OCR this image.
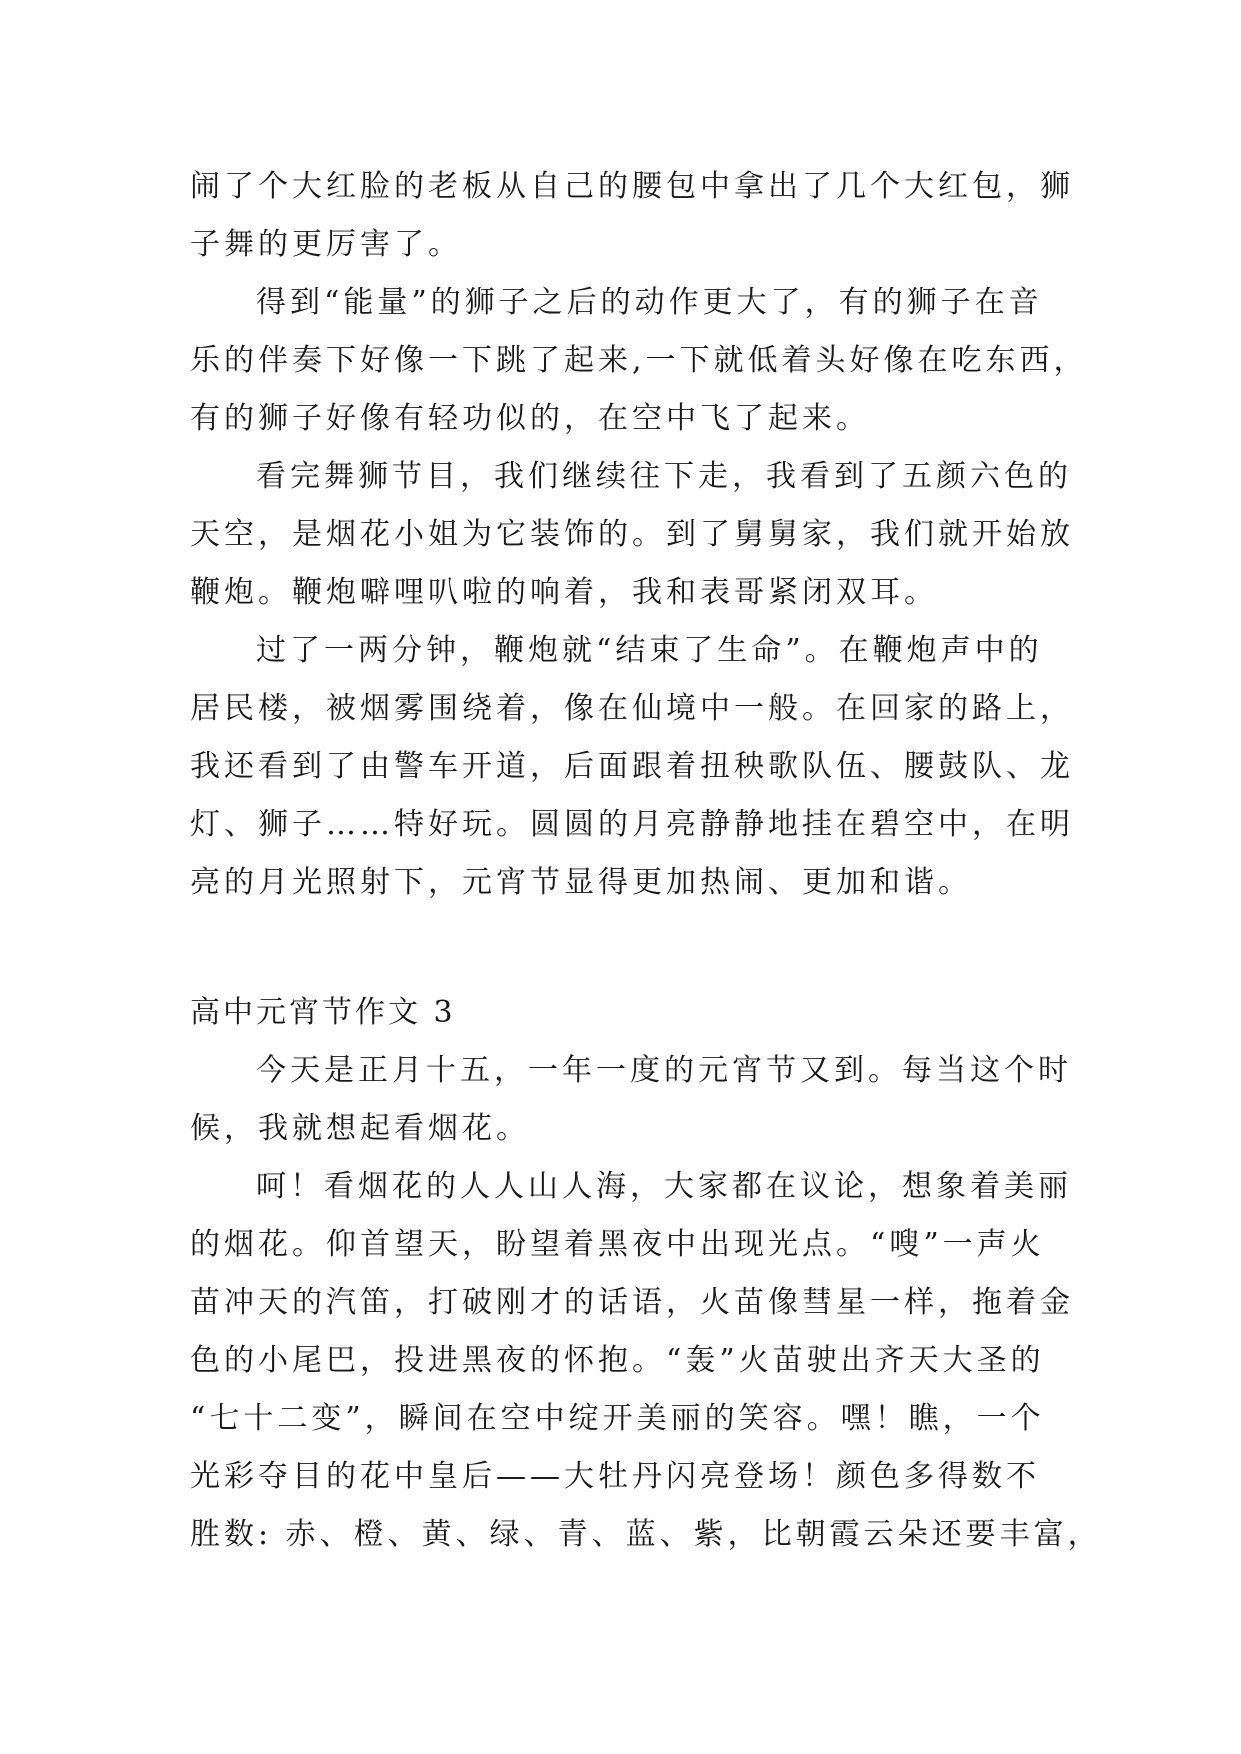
闹了个大红脸的老板从自己的腰包中拿出了几个大红包，狮
子舞的更厉害了。
得到“能量”的狮子之后的动作更大了，有的狮子在音
乐的伴奏下好像一下跳了起来,一下就低着头好像在吃东西，
有的狮子好像有轻功似的，在空中飞了起来。
看完舞狮节目，我们继续往下走，我看到了五颜六色的
天空，是烟花小姐为它装饰的。到了舅舅家，我们就开始放
鞭炮。鞭炮噼哩叭啦的响着，我和表哥紧闭双耳。
过了一两分钟，鞭炮就“结束了生命”。在鞭炮声中的
居民楼，被烟雾围绕着，像在仙境中一般。在回家的路上，
我还看到了由警车开道，后面跟着扭秧歌队伍、腰鼓队、龙
灯、狮子……特好玩。圆圆的月亮静静地挂在碧空中，在明
亮的月光照射下，元宵节显得更加热闹、更加和谐。
高中元宵节作文 3
今天是正月十五，一年一度的元宵节又到。每当这个时
候，我就想起看烟花。
呵！看烟花的人人山人海，大家都在议论，想象着美丽
的烟花。仰首望天，盼望着黑夜中出现光点。“嗖”一声火
苗冲天的汽笛，打破刚才的话语，火苗像彗星一样，拖着金
色的小尾巴，投进黑夜的怀抱。“轰”火苗驶出齐天大圣的
“七十二变”，瞬间在空中绽开美丽的笑容。嘿！瞧，一个
光彩夺目的花中皇后——大牡丹闪亮登场！颜色多得数不
胜数: 赤、橙、黄、绿、青、蓝、紫，比朝霞云朵还要丰富，
